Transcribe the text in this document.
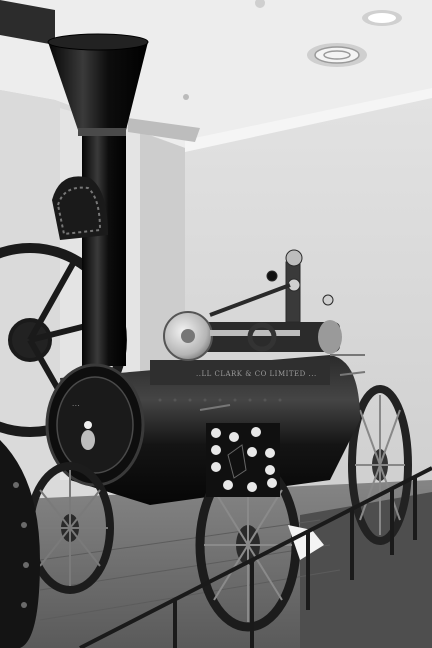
..LL CLARK & CO LIMITED ...
...
